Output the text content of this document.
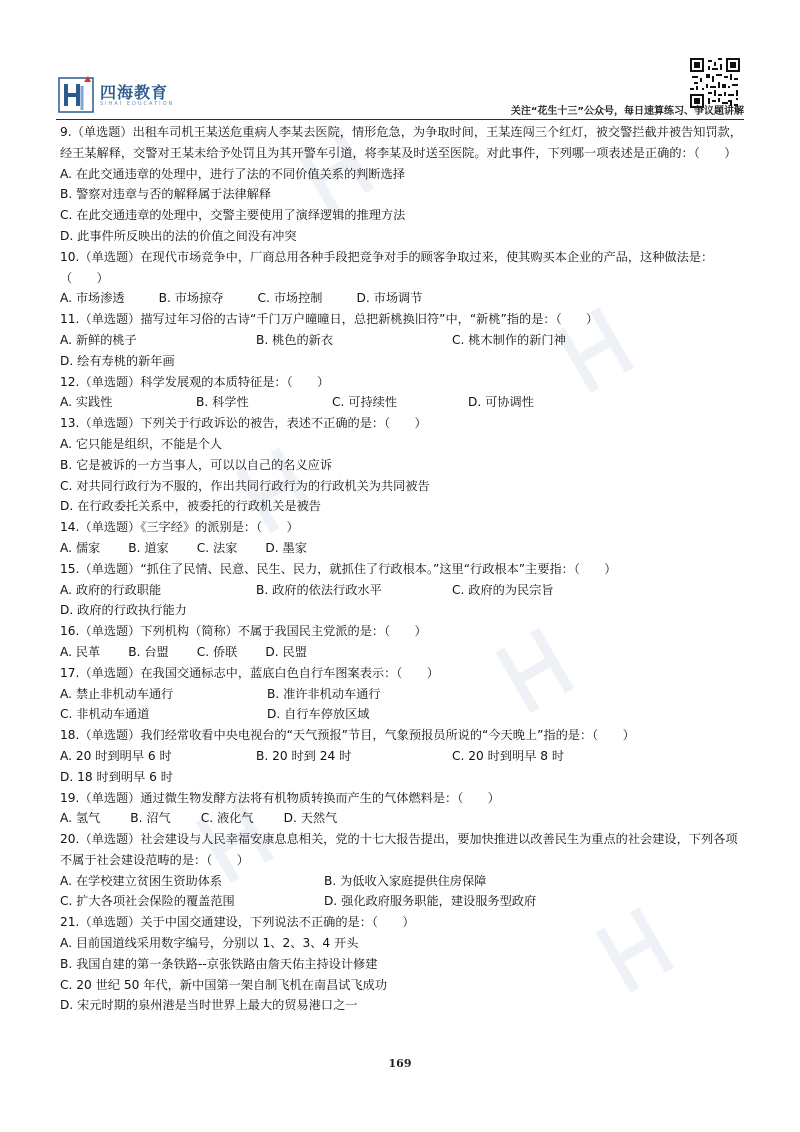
四海教育
SIHAI EDUCATION
关注“花生十三”公众号，每日速算练习、争议题讲解
9.（单选题）出租车司机王某送危重病人李某去医院，情形危急，为争取时间，王某连闯三个红灯，被交警拦截并被告知罚款，经王某解释，交警对王某未给予处罚且为其开警车引道，将李某及时送至医院。对此事件，下列哪一项表述是正确的：（　　）
A. 在此交通违章的处理中，进行了法的不同价值关系的判断选择
B. 警察对违章与否的解释属于法律解释
C. 在此交通违章的处理中，交警主要使用了演绎逻辑的推理方法
D. 此事件所反映出的法的价值之间没有冲突
10.（单选题）在现代市场竞争中，厂商总用各种手段把竞争对手的顾客争取过来，使其购买本企业的产品，这种做法是：（　　）
A. 市场渗透	B. 市场掠夺	C. 市场控制	D. 市场调节
11.（单选题）描写过年习俗的古诗“千门万户曈曈日，总把新桃换旧符”中，“新桃”指的是：（　　）
A. 新鲜的桃子	B. 桃色的新衣	C. 桃木制作的新门神
D. 绘有寿桃的新年画
12.（单选题）科学发展观的本质特征是：（　　）
A. 实践性	B. 科学性	C. 可持续性	D. 可协调性
13.（单选题）下列关于行政诉讼的被告，表述不正确的是：（　　）
A. 它只能是组织，不能是个人
B. 它是被诉的一方当事人，可以以自己的名义应诉
C. 对共同行政行为不服的，作出共同行政行为的行政机关为共同被告
D. 在行政委托关系中，被委托的行政机关是被告
14.（单选题）《三字经》的派别是：（　　）
A. 儒家 B. 道家 C. 法家 D. 墨家
15.（单选题）“抓住了民情、民意、民生、民力，就抓住了行政根本。”这里“行政根本”主要指：（　　）
A. 政府的行政职能	B. 政府的依法行政水平	C. 政府的为民宗旨
D. 政府的行政执行能力
16.（单选题）下列机构（简称）不属于我国民主党派的是：（　　）
A. 民革 B. 台盟 C. 侨联 D. 民盟
17.（单选题）在我国交通标志中，蓝底白色自行车图案表示：（　　）
A. 禁止非机动车通行	B. 准许非机动车通行
C. 非机动车通道	D. 自行车停放区域
18.（单选题）我们经常收看中央电视台的“天气预报”节目，气象预报员所说的“今天晚上”指的是：（　　）
A. 20 时到明早 6 时	B. 20 时到 24 时	C. 20 时到明早 8 时
D. 18 时到明早 6 时
19.（单选题）通过微生物发酵方法将有机物质转换而产生的气体燃料是：（　　）
A. 氢气 B. 沼气 C. 液化气 D. 天然气
20.（单选题）社会建设与人民幸福安康息息相关，党的十七大报告提出，要加快推进以改善民生为重点的社会建设，下列各项不属于社会建设范畴的是：（　　）
A. 在学校建立贫困生资助体系	B. 为低收入家庭提供住房保障
C. 扩大各项社会保险的覆盖范围	D. 强化政府服务职能，建设服务型政府
21.（单选题）关于中国交通建设，下列说法不正确的是：（　　）
A. 目前国道线采用数字编号，分别以 1、2、3、4 开头
B. 我国自建的第一条铁路--京张铁路由詹天佑主持设计修建
C. 20 世纪 50 年代，新中国第一架自制飞机在南昌试飞成功
D. 宋元时期的泉州港是当时世界上最大的贸易港口之一
169
